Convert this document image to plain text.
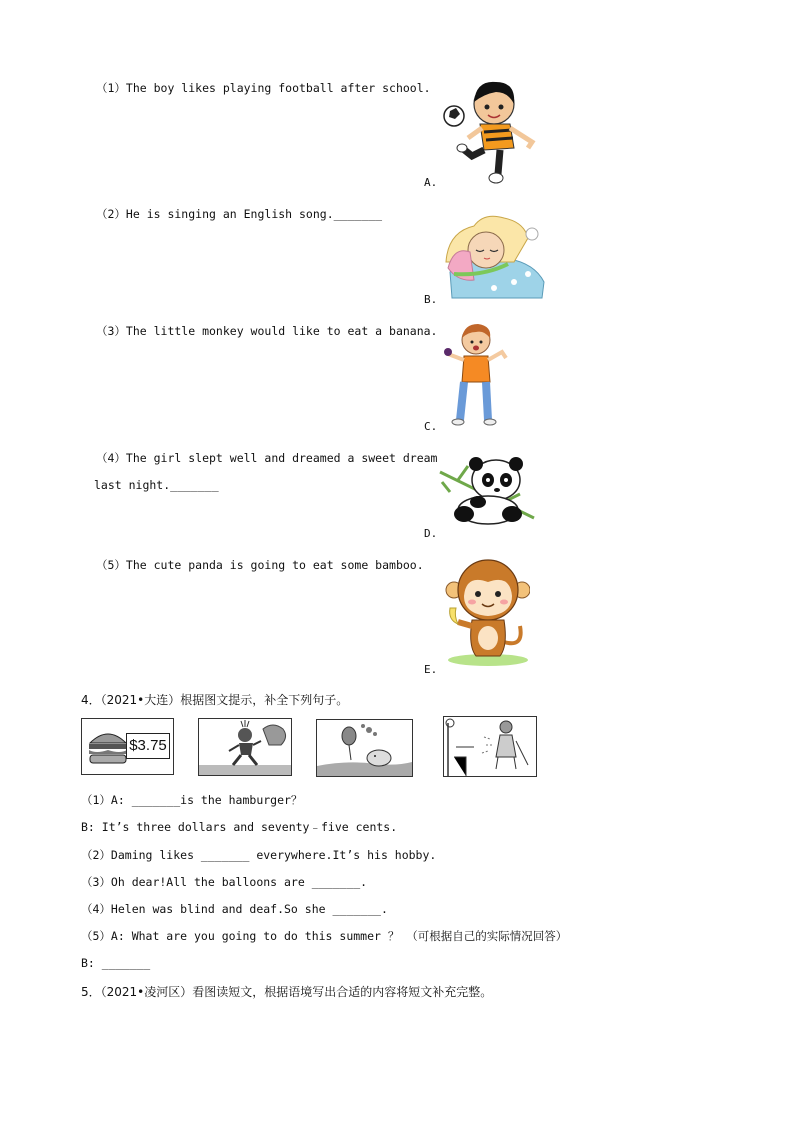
（1）The boy likes playing football after school.
（2）He is singing an English song._______
（3）The little monkey would like to eat a banana.
（4）The girl slept well and dreamed a sweet dream
last night._______
（5）The cute panda is going to eat some bamboo.
A.
B.
C.
D.
E.
4．（2021•大连）根据图文提示，补全下列句子。
$3.75
（1）A: _______is the hamburger？
B: It’s three dollars and seventy﹣five cents.
（2）Daming likes _______ everywhere.It’s his hobby.
（3）Oh dear!All the balloons are _______.
（4）Helen was blind and deaf.So she _______.
（5）A: What are you going to do this summer ？ （可根据自己的实际情况回答）
B: _______
5．（2021•凌河区）看图读短文，根据语境写出合适的内容将短文补充完整。
